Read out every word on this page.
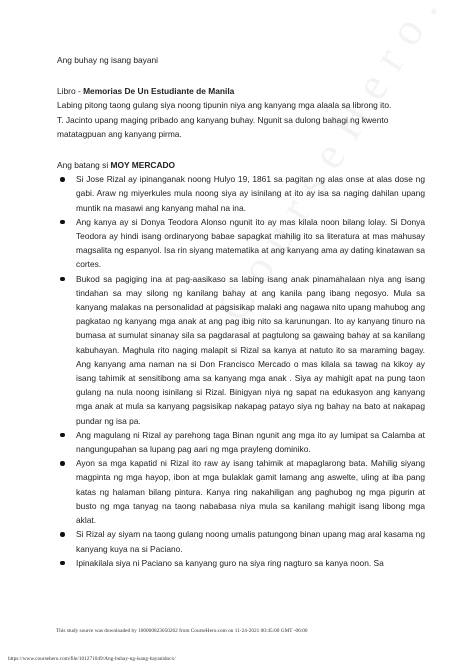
Ang buhay ng isang bayani

Libro - Memorias De Un Estudiante de Manila

Labing pitong taong gulang siya noong tipunin niya ang kanyang mga alaala sa librong ito.

T. Jacinto upang maging pribado ang kanyang buhay. Ngunit sa dulong bahagi ng kwento matatagpuan ang kanyang pirma.

Ang batang si MOY MERCADO

Si Jose Rizal ay ipinanganak noong Hulyo 19, 1861 sa pagitan ng alas onse at alas dose ng gabi. Araw ng miyerkules mula noong siya ay isinilang at ito ay isa sa naging dahilan upang muntik na masawi ang kanyang mahal na ina.
Ang kanya ay si Donya Teodora Alonso ngunit ito ay mas kilala noon bilang lolay. Si Donya Teodora ay hindi isang ordinaryong babae sapagkat mahilig ito sa literatura at mas mahusay magsalita ng espanyol. Isa rin siyang matematika at ang kanyang ama ay dating kinatawan sa cortes.
Bukod sa pagiging ina at pag-aasikaso sa labing isang anak pinamahalaan niya ang isang tindahan sa may silong ng kanilang bahay at ang kanila pang ibang negosyo. Mula sa kanyang malakas na personalidad at pagsisikap malaki ang nagawa nito upang mahubog ang pagkatao ng kanyang mga anak at ang pag ibig nito sa karunungan. Ito ay kanyang tinuro na bumasa at sumulat sinanay sila sa pagdarasal at pagtulong sa gawaing bahay at sa kanilang kabuhayan. Maghula rito naging malapit si Rizal sa kanya at natuto ito sa maraming bagay. Ang kanyang ama naman na si Don Francisco Mercado o mas kilala sa tawag na kikoy ay isang tahimik at sensitibong ama sa kanyang mga anak . Siya ay mahigit apat na pung taon gulang na nula noong isinilang si Rizal. Binigyan niya ng sapat na edukasyon ang kanyang mga anak at mula sa kanyang pagsisikap nakapag patayo siya ng bahay na bato at nakapag pundar ng isa pa.
Ang magulang ni Rizal ay parehong taga Binan ngunit ang mga ito ay lumipat sa Calamba at nangungupahan sa lupang pag aari ng mga prayleng dominiko.
Ayon sa mga kapatid ni Rizal ito raw ay isang tahimik at mapaglarong bata. Mahilig siyang magpinta ng mga hayop, ibon at mga bulaklak gamit lamang ang aswelte, uling at iba pang katas ng halaman bilang pintura. Kanya ring nakahiligan ang paghubog ng mga pigurin at busto ng mga tanyag na taong nababasa niya mula sa kanilang mahigit isang libong mga aklat.
Si Rizal ay siyam na taong gulang noong umalis patungong binan upang mag aral kasama ng kanyang kuya na si Paciano.
Ipinakilala siya ni Paciano sa kanyang guro na siya ring nagturo sa kanya noon. Sa
This study source was downloaded by 100000823050262 from CourseHero.com on 11-24-2021 00:45:00 GMT -06:00
https://www.coursehero.com/file/101271049/Ang-buhay-ng-isang-bayanidocx/
